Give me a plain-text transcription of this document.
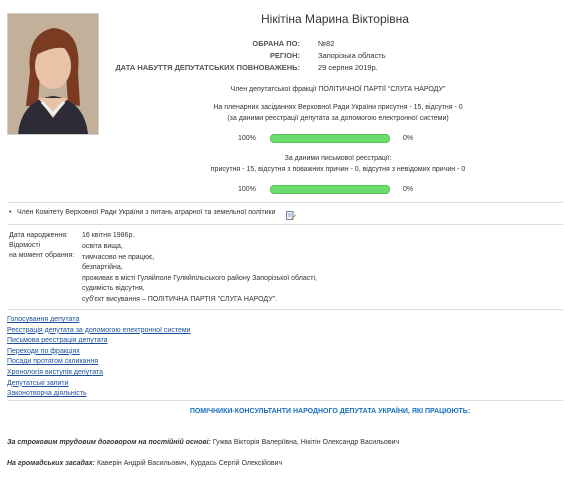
Нікітіна Марина Вікторівна
ОБРАНА ПО: №82
РЕГІОН: Запорізька область
ДАТА НАБУТТЯ ДЕПУТАТСЬКИХ ПОВНОВАЖЕНЬ: 29 серпня 2019р.
Член депутатської фракції ПОЛІТИЧНОЇ ПАРТІЇ "СЛУГА НАРОДУ"
На пленарних засіданнях Верховної Ради України присутня - 15, відсутня - 0
(за даними реєстрації депутата за допомогою електронної системи)
100%	0%
За даними письмової реєстрації:
присутня - 15, відсутня з поважних причин - 0, відсутня з невідомих причин - 0
100%	0%
• Член Комітету Верховної Ради України з питань аграрної та земельної політики
Дата народження:
Відомості
на момент обрання:
16 квітня 1986р.
освіта вища,
тимчасово не працює,
безпартійна,
проживає в місті Гуляйполе Гуляйпільського району Запорізької області,
судимість відсутня,
суб'єкт висування – ПОЛІТИЧНА ПАРТІЯ "СЛУГА НАРОДУ".
Голосування депутата
Реєстрація депутата за допомогою електронної системи
Письмова реєстрація депутата
Переходи по фракціях
Посади протягом скликання
Хронологія виступів депутата
Депутатські запити
Законотворча діяльність
ПОМІЧНИКИ-КОНСУЛЬТАНТИ НАРОДНОГО ДЕПУТАТА УКРАЇНИ, ЯКІ ПРАЦЮЮТЬ:
За строковим трудовим договором на постійній основі: Гужва Вікторія Валеріївна, Нікітін Олександр Васильович
На громадських засадах: Каверін Андрій Васильович, Курдась Сергій Олексійович
